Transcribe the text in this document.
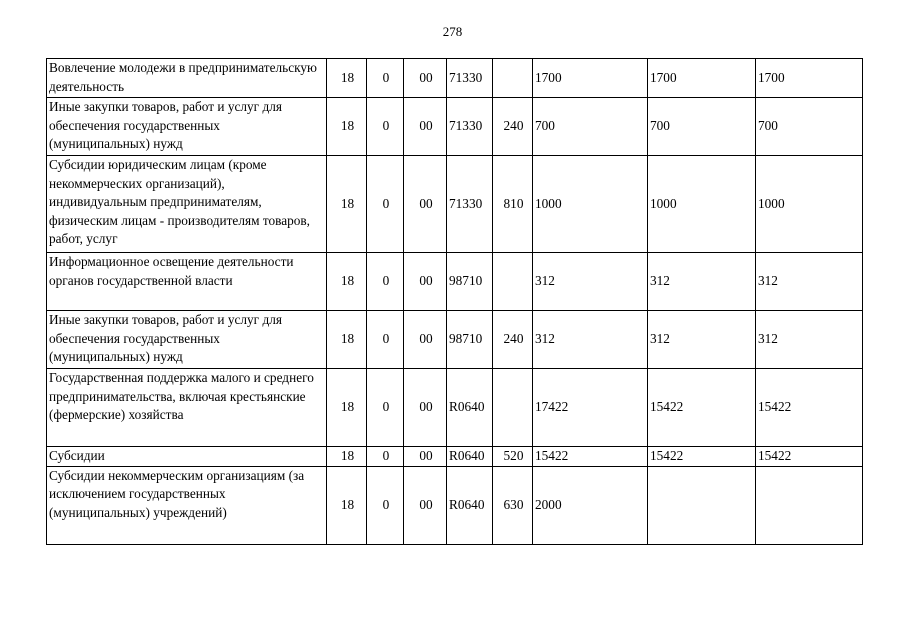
278
Вовлечение молодежи в предпринимательскую деятельность	18	0	00	71330		1700	1700	1700
Иные закупки товаров, работ и услуг для обеспечения государственных (муниципальных) нужд	18	0	00	71330	240	700	700	700
Субсидии юридическим лицам (кроме некоммерческих организаций), индивидуальным предпринимателям, физическим лицам - производителям товаров, работ, услуг	18	0	00	71330	810	1000	1000	1000
Информационное освещение деятельности органов государственной власти	18	0	00	98710		312	312	312
Иные закупки товаров, работ и услуг для обеспечения государственных (муниципальных) нужд	18	0	00	98710	240	312	312	312
Государственная поддержка малого и среднего предпринимательства, включая крестьянские (фермерские) хозяйства	18	0	00	R0640		17422	15422	15422
Субсидии	18	0	00	R0640	520	15422	15422	15422
Субсидии некоммерческим организациям (за исключением государственных (муниципальных) учреждений)	18	0	00	R0640	630	2000		
